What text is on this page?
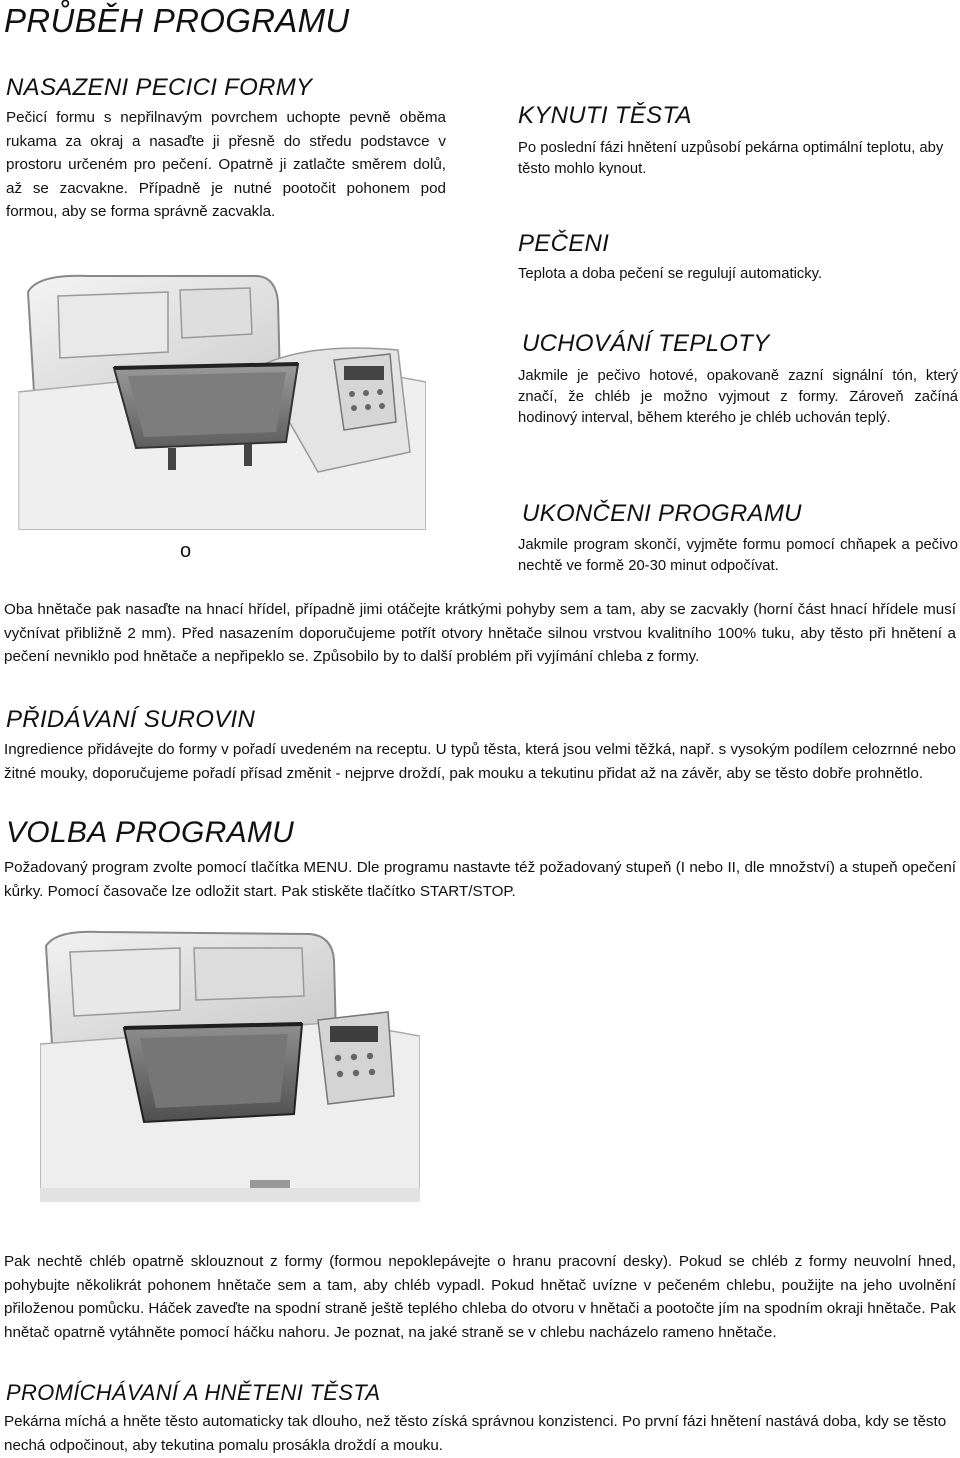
PRŮBĚH PROGRAMU
NASAZENI PECICI FORMY

Pečicí formu s nepřilnavým povrchem uchopte pevně oběma rukama za okraj a nasaďte ji přesně do středu podstavce v prostoru určeném pro pečení. Opatrně ji zatlačte směrem dolů, až se zacvakne. Případně je nutné pootočit pohonem pod formou, aby se forma správně zacvakla.

KYNUTI TĚSTA

Po poslední fázi hnětení uzpůsobí pekárna optimální teplotu, aby těsto mohlo kynout.

PEČENI

Teplota a doba pečení se regulují automaticky.

UCHOVÁNÍ TEPLOTY

Jakmile je pečivo hotové, opakovaně zazní signální tón, který značí, že chléb je možno vyjmout z formy. Zároveň začíná hodinový interval, během kterého je chléb uchován teplý.

UKONČENI PROGRAMU
o	Jakmile program skončí, vyjměte formu pomocí chňapek a pečivo nechtě ve formě 20-30 minut odpočívat.

Oba hnětače pak nasaďte na hnací hřídel, případně jimi otáčejte krátkými pohyby sem a tam, aby se zacvakly (horní část hnací hřídele musí vyčnívat přibližně 2 mm). Před nasazením doporučujeme potřít otvory hnětače silnou vrstvou kvalitního 100% tuku, aby těsto při hnětení a pečení nevniklo pod hnětače a nepřipeklo se. Způsobilo by to další problém při vyjímání chleba z formy.

PŘIDÁVANÍ SUROVIN

Ingredience přidávejte do formy v pořadí uvedeném na receptu. U typů těsta, která jsou velmi těžká, např. s vysokým podílem celozrnné nebo žitné mouky, doporučujeme pořadí přísad změnit - nejprve droždí, pak mouku a tekutinu přidat až na závěr, aby se těsto dobře prohnětlo.

VOLBA PROGRAMU

Požadovaný program zvolte pomocí tlačítka MENU. Dle programu nastavte též požadovaný stupeň (I nebo II, dle množství) a stupeň opečení kůrky. Pomocí časovače lze odložit start. Pak stiskěte tlačítko START/STOP.

Pak nechtě chléb opatrně sklouznout z formy (formou nepoklepávejte o hranu pracovní desky). Pokud se chléb z formy neuvolní hned, pohybujte několikrát pohonem hnětače sem a tam, aby chléb vypadl. Pokud hnětač uvízne v pečeném chlebu, použijte na jeho uvolnění přiloženou pomůcku. Háček zaveďte na spodní straně ještě teplého chleba do otvoru v hnětači a pootočte jím na spodním okraji hnětače. Pak hnětač opatrně vytáhněte pomocí háčku nahoru. Je poznat, na jaké straně se v chlebu nacházelo rameno hnětače.

PROMÍCHÁVANÍ A HNĚTENI TĚSTA

Pekárna míchá a hněte těsto automaticky tak dlouho, než těsto získá správnou konzistenci. Po první fázi hnětení nastává doba, kdy se těsto nechá odpočinout, aby tekutina pomalu prosákla droždí a mouku.
